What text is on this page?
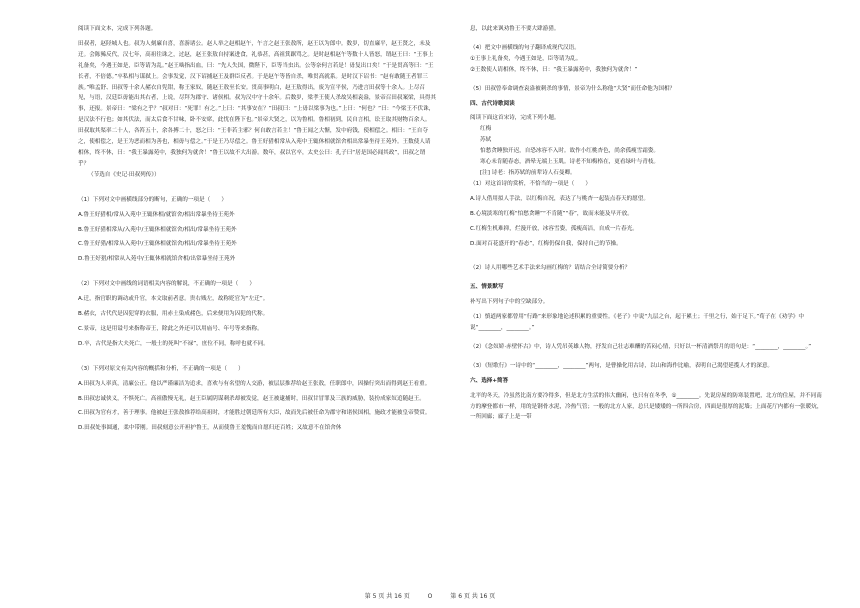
阅读下面文本，完成下列各题。

田叔者，赵陉城人也。叔为人刻廉自喜，喜游诸公。赵人举之赵相赵午，午言之赵王张敖所，赵王以为郎中。数岁，切直廉平，赵王贤之，未及迁。会陈豨反代，汉七年，高祖往诛之，过赵，赵王张敖自持案进食，礼恭甚，高祖箕踞骂之。是时赵相赵午等数十人皆怒，谓赵王曰：“王事上礼备矣，今遇王如是，臣等请为乱。”赵王啮指出血，曰：“先人失国，微陛下，臣等当虫出。公等奈何言若是！毋复出口矣！”于是贯高等曰：“王长者，不倍德。”卒私相与谋弑上。会事发觉，汉下诏捕赵王及群臣反者。于是赵午等皆自杀，唯贯高就系。是时汉下诏书：“赵有敢随王者罪三族。”唯孟舒、田叔等十余人赭衣自髡钳，称王家奴，随赵王敖至长安。贯高事明白，赵王敖得出，废为宣平侯，乃进言田叔等十余人。上尽召见，与语，汉廷臣毋能出其右者，上说，尽拜为郡守、诸侯相。叔为汉中守十余年。后数岁，梁孝王使人杀故吴相袁盎，景帝召田叔案梁，具得其事，还报。景帝曰：“梁有之乎？”叔对曰：“死罪！有之。”上曰：“其事安在？”田叔曰：“上毋以梁事为也。”上曰：“何也？”曰：“今梁王不伏诛，是汉法不行也；如其伏法，而太后食不甘味，卧不安席，此忧在陛下也。”景帝大贤之，以为鲁相。鲁相初到，民自言相，讼王取其财物百余人。田叔取其渠率二十人，各笞五十，余各搏二十，怒之曰：“王非若主邪？何自敢言若主！”鲁王闻之大惭，发中府钱，使相偿之。相曰：“王自夺之，使相偿之，是王为恶而相为善也，相毋与偿之。”于是王乃尽偿之。鲁王好猎相常从入苑中王辄休相就馆舍相出常暴坐待王苑外。王数使人请相休，终不休，曰：“我王暴露苑中，我独何为就舍！”鲁王以故不大出游。数年，叔以官卒，太史公曰：孔子曰“居是国必闻其政”，田叔之谓乎？

（节选自《史记·田叔列传》）

（1）下列对文中画横线部分的断句，正确的一项是（　　）

A.鲁王好猎相/常从入苑中王辄休相/就馆舍/相出常暴坐待王苑外

B.鲁王好猎相常从/入苑中/王辄休相就馆舍/相出/常暴坐待王苑外

C.鲁王好猎/相常从入苑中/王辄休相就馆舍/相出/常暴坐待王苑外

D.鲁王好猎/相常从入苑中/王辄休相就馆舍相/出常暴坐待王苑外

（2）下列对文中画线的词语相关内容的解说，不正确的一项是（　　）

A.迁，指官职的调动或升官，本文取前者意。贵右贱左，故称贬官为“左迁”。

B.赭衣，古代代是囚犯穿的衣服，用赤土染成赭色，后来便用为囚犯的代称。

C.景帝，这是用谥号来指称帝王，除此之外还可以用庙号、年号等来指称。

D.卒，古代是指大夫死亡，一般士的死叫“不禄”，庶位不同，称呼也就不同。

（3）下列对原文有关内容的概括和分析，不正确的一项是（　　）

A.田叔为人率真，清廉公正。他以严谨廉洁为追求，喜欢与有名望的人交游，被层层推荐给赵王张敖，任职郎中，因操行突出而得到赵王看重。

B.田叔忠诚侠义，不惧死亡。高祖傲慢无礼，赵王臣属阴谋刺杀却被发觉，赵王被逮捕时，田叔甘冒罪及三族的威胁，装扮成家奴追随赵王。

C.田叔为官有才，善于理事。他被赵王张敖推荐给高祖时，才能胜过朝廷所有大臣，故而先后被任命为郡守和诸侯国相，施政才能被皇帝赞赏。

D.田叔处事圆通，柔中带刚。田叔刻意公开袒护鲁王，从而使鲁王羞愧而自愿归还百姓；又故意不在馆舍休

息，以此来讽劝鲁王不要大肆游猎。

（4）把文中画横线的句子翻译成现代汉语。

①王事上礼备矣，今遇王如是，臣等请为乱。

②王数使人请相休，终不休，曰：“我王暴露苑中，我独何为就舍！”

（5）田叔曾奉命调查袁盎被刺杀的事情，景帝为什么称他“大贤”而任命他为国相？

四、古代诗歌阅读

阅读下面这首宋诗，完成下列小题。

红梅

苏轼

怕愁贪睡独开迟，自恐冰容不入时。故作小红桃杏色，尚余孤瘦雪霜姿。

寒心未肯随春态，酒晕无端上玉肌。诗老不知梅格在，更看绿叶与青枝。

[注] 诗老：指苏轼的前辈诗人石曼卿。

（1）对这首诗的赏析，不恰当的一项是（　　）

A.诗人借用拟人手法，以红梅自况，表达了与桃杏一起装点春天的愿望。

B.心境淡寒的红梅“怕愁贪睡”“不肯随”“春”，故而未能及早开放。

C.红梅生机难抑，烂漫开放，冰容雪姿，孤瘦高洁，自成一片春光。

D.面对百花盛开的“春态”，红梅仍保自我，保持自己的节操。

（2）诗人用哪些艺术手法来勾画红梅的？请结合全诗简要分析？

五、情景默写

补写出下列句子中的空缺部分。

（1）慎道两家都曾用“行路”来形象地论述积累的重要性。《老子》中说“九层之台，起于累土；千里之行，始于足下。”荀子在《劝学》中说“________，________。”

（2）《念奴娇·赤壁怀古》中，诗人凭吊英雄人物，抒发自己壮志难酬的苦闷心情，只好以一杯清酒祭月的语句是：“________，________。”

（3）《短歌行》一诗中的“________，________”两句，是曹操化用古诗，以山和海作比喻，表明自己渴望延揽人才的深意。

六、选择+简答

北平的冬天，冷虽然比南方要冷得多，但是北方生活的伟大幽闲，也只有在冬季，①________。先说房屋的防寒装置吧，北方的住屋，并不同南方的摩登都市一样，用的是钢骨水泥，冷热气管；一般的北方人家，总只是矮矮的一所四合房，四面是很厚的泥墙；上面花厅内都有一张暖炕，一所回廊；廊子上是一带

第 5 页 共 16 页	O	第 6 页 共 16 页
